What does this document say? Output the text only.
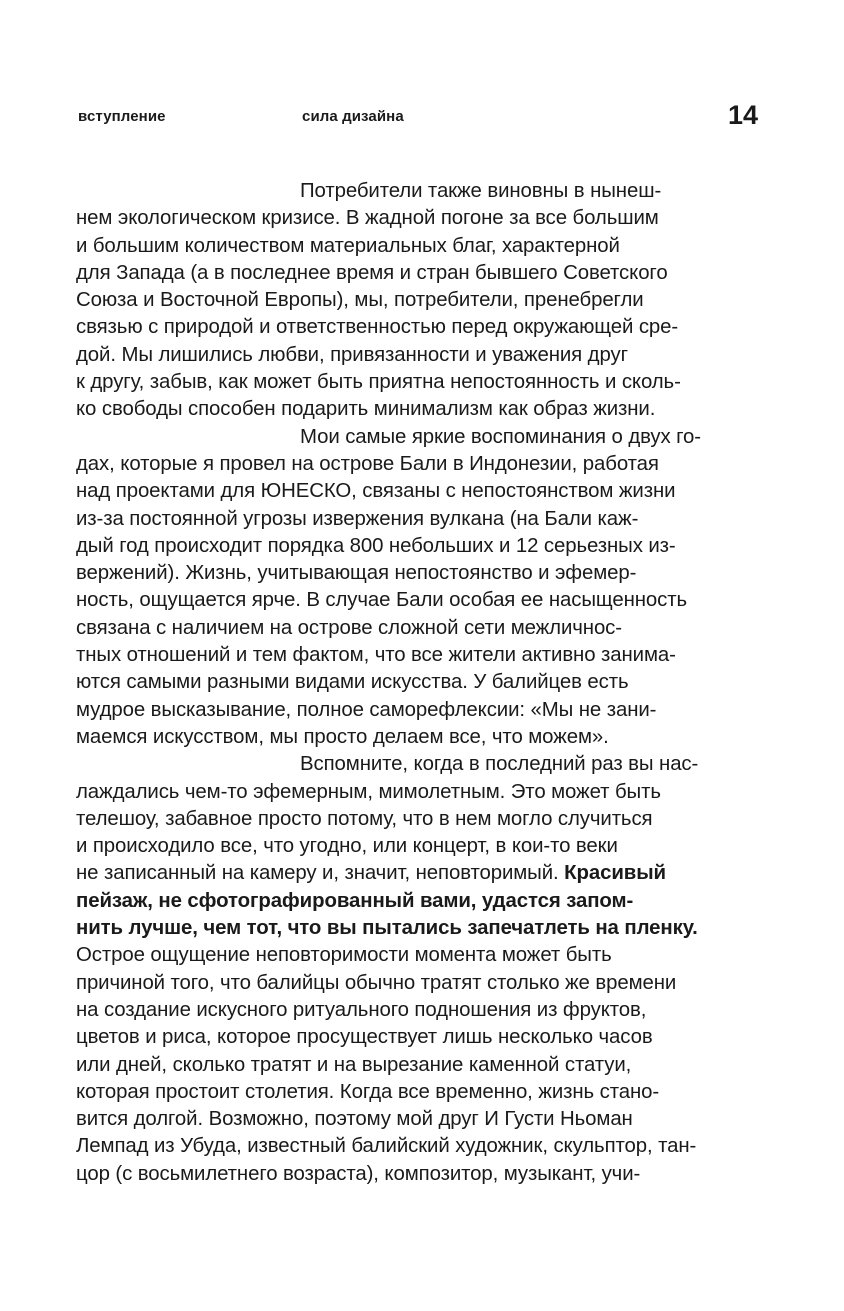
вступление	сила дизайна	14
Потребители также виновны в нынеш-
нем экологическом кризисе. В жадной погоне за все большим
и большим количеством материальных благ, характерной
для Запада (а в последнее время и стран бывшего Советского
Союза и Восточной Европы), мы, потребители, пренебрегли
связью с природой и ответственностью перед окружающей сре-
дой. Мы лишились любви, привязанности и уважения друг
к другу, забыв, как может быть приятна непостоянность и сколь-
ко свободы способен подарить минимализм как образ жизни.
Мои самые яркие воспоминания о двух го-
дах, которые я провел на острове Бали в Индонезии, работая
над проектами для ЮНЕСКО, связаны с непостоянством жизни
из-за постоянной угрозы извержения вулкана (на Бали каж-
дый год происходит порядка 800 небольших и 12 серьезных из-
вержений). Жизнь, учитывающая непостоянство и эфемер-
ность, ощущается ярче. В случае Бали особая ее насыщенность
связана с наличием на острове сложной сети межличнос-
тных отношений и тем фактом, что все жители активно занима-
ются самыми разными видами искусства. У балийцев есть
мудрое высказывание, полное саморефлексии: «Мы не зани-
маемся искусством, мы просто делаем все, что можем».
Вспомните, когда в последний раз вы нас-
лаждались чем-то эфемерным, мимолетным. Это может быть
телешоу, забавное просто потому, что в нем могло случиться
и происходило все, что угодно, или концерт, в кои-то веки
не записанный на камеру и, значит, неповторимый. Красивый
пейзаж, не сфотографированный вами, удастся запом-
нить лучше, чем тот, что вы пытались запечатлеть на пленку.
Острое ощущение неповторимости момента может быть
причиной того, что балийцы обычно тратят столько же времени
на создание искусного ритуального подношения из фруктов,
цветов и риса, которое просуществует лишь несколько часов
или дней, сколько тратят и на вырезание каменной статуи,
которая простоит столетия. Когда все временно, жизнь стано-
вится долгой. Возможно, поэтому мой друг И Густи Ньоман
Лемпад из Убуда, известный балийский художник, скульптор, тан-
цор (с восьмилетнего возраста), композитор, музыкант, учи-
